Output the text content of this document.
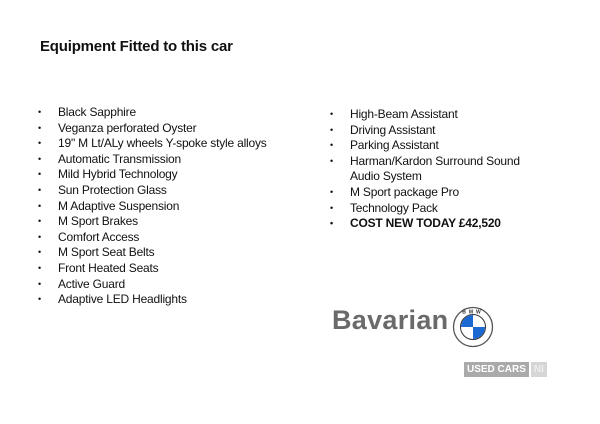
Equipment Fitted to this car
• Black Sapphire
• Veganza perforated Oyster
• 19" M Lt/ALy wheels Y-spoke style alloys
• Automatic Transmission
• Mild Hybrid Technology
• Sun Protection Glass
• M Adaptive Suspension
• M Sport Brakes
• Comfort Access
• M Sport Seat Belts
• Front Heated Seats
• Active Guard
• Adaptive LED Headlights
• High-Beam Assistant
• Driving Assistant
• Parking Assistant
• Harman/Kardon Surround Sound Audio System
• M Sport package Pro
• Technology Pack
• COST NEW TODAY £42,520
Bavarian	BMW
USED CARS NI
